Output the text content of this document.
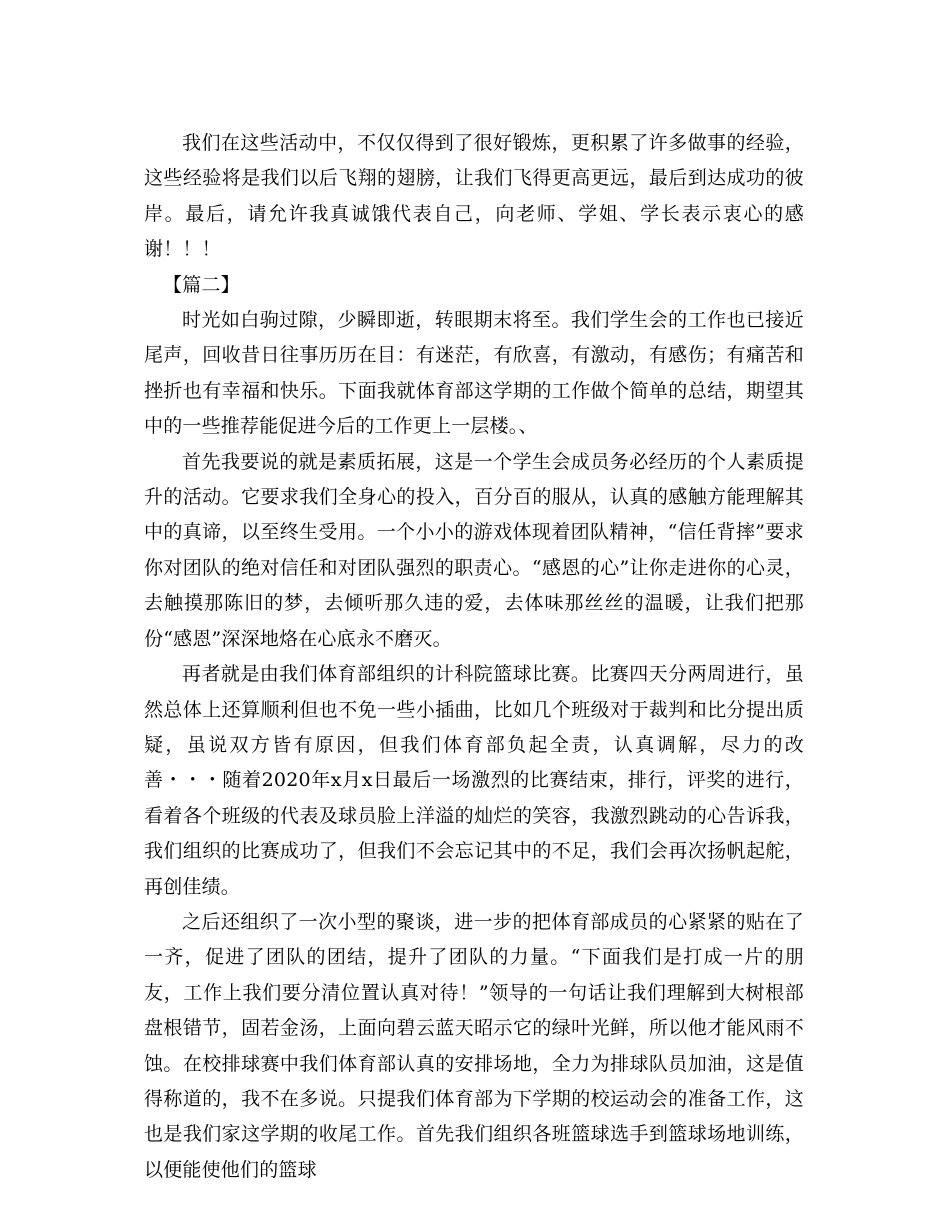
我们在这些活动中，不仅仅得到了很好锻炼，更积累了许多做事的经验，这些经验将是我们以后飞翔的翅膀，让我们飞得更高更远，最后到达成功的彼岸。最后，请允许我真诚饿代表自己，向老师、学姐、学长表示衷心的感谢！！！

【篇二】

时光如白驹过隙，少瞬即逝，转眼期末将至。我们学生会的工作也已接近尾声，回收昔日往事历历在目：有迷茫，有欣喜，有激动，有感伤；有痛苦和挫折也有幸福和快乐。下面我就体育部这学期的工作做个简单的总结，期望其中的一些推荐能促进今后的工作更上一层楼。、

首先我要说的就是素质拓展，这是一个学生会成员务必经历的个人素质提升的活动。它要求我们全身心的投入，百分百的服从，认真的感触方能理解其中的真谛，以至终生受用。一个小小的游戏体现着团队精神，“信任背摔”要求你对团队的绝对信任和对团队强烈的职责心。“感恩的心”让你走进你的心灵，去触摸那陈旧的梦，去倾听那久违的爱，去体味那丝丝的温暖，让我们把那份“感恩”深深地烙在心底永不磨灭。

再者就是由我们体育部组织的计科院篮球比赛。比赛四天分两周进行，虽然总体上还算顺利但也不免一些小插曲，比如几个班级对于裁判和比分提出质疑，虽说双方皆有原因，但我们体育部负起全责，认真调解，尽力的改善・・・随着2020年x月x日最后一场激烈的比赛结束，排行，评奖的进行，看着各个班级的代表及球员脸上洋溢的灿烂的笑容，我激烈跳动的心告诉我，我们组织的比赛成功了，但我们不会忘记其中的不足，我们会再次扬帆起舵，再创佳绩。

之后还组织了一次小型的聚谈，进一步的把体育部成员的心紧紧的贴在了一齐，促进了团队的团结，提升了团队的力量。“下面我们是打成一片的朋友，工作上我们要分清位置认真对待！”领导的一句话让我们理解到大树根部盘根错节，固若金汤，上面向碧云蓝天昭示它的绿叶光鲜，所以他才能风雨不蚀。在校排球赛中我们体育部认真的安排场地，全力为排球队员加油，这是值得称道的，我不在多说。只提我们体育部为下学期的校运动会的准备工作，这也是我们家这学期的收尾工作。首先我们组织各班篮球选手到篮球场地训练，以便能使他们的篮球
